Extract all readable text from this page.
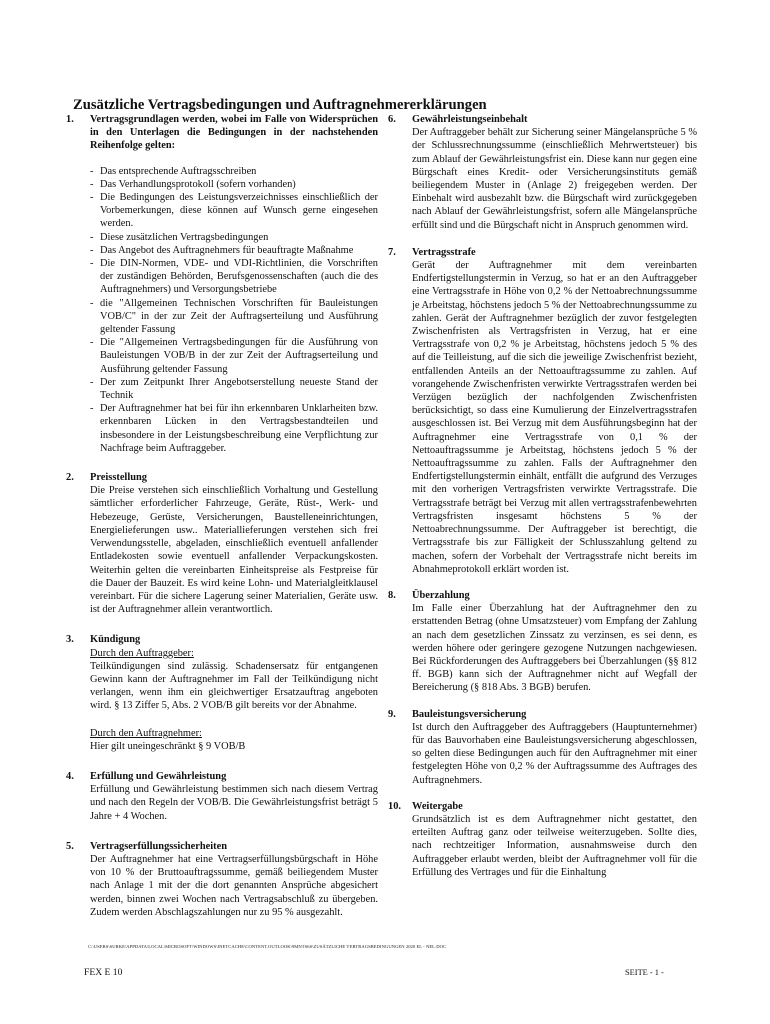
Zusätzliche Vertragsbedingungen und Auftragnehmererklärungen
1. Vertragsgrundlagen werden, wobei im Falle von Widersprüchen in den Unterlagen die Bedingungen in der nachstehenden Reihenfolge gelten:
- Das entsprechende Auftragsschreiben
- Das Verhandlungsprotokoll (sofern vorhanden)
- Die Bedingungen des Leistungsverzeichnisses einschließlich der Vorbemerkungen, diese können auf Wunsch gerne eingesehen werden.
- Diese zusätzlichen Vertragsbedingungen
- Das Angebot des Auftragnehmers für beauftragte Maßnahme
- Die DIN-Normen, VDE- und VDI-Richtlinien, die Vorschriften der zuständigen Behörden, Berufsgenossenschaften (auch die des Auftragnehmers) und Versorgungsbetriebe
- die "Allgemeinen Technischen Vorschriften für Bauleistungen VOB/C" in der zur Zeit der Auftragserteilung und Ausführung geltender Fassung
- Die "Allgemeinen Vertragsbedingungen für die Ausführung von Bauleistungen VOB/B in der zur Zeit der Auftragserteilung und Ausführung geltender Fassung
- Der zum Zeitpunkt Ihrer Angebotserstellung neueste Stand der Technik
- Der Auftragnehmer hat bei für ihn erkennbaren Unklarheiten bzw. erkennbaren Lücken in den Vertragsbestandteilen und insbesondere in der Leistungsbeschreibung eine Verpflichtung zur Nachfrage beim Auftraggeber.
2. Preisstellung
Die Preise verstehen sich einschließlich Vorhaltung und Gestellung sämtlicher erforderlicher Fahrzeuge, Geräte, Rüst-, Werk- und Hebezeuge, Gerüste, Versicherungen, Baustelleneinrichtungen, Energielieferungen usw.. Materiallieferungen verstehen sich frei Verwendungsstelle, abgeladen, einschließlich eventuell anfallender Entladekosten sowie eventuell anfallender Verpackungskosten. Weiterhin gelten die vereinbarten Einheitspreise als Festpreise für die Dauer der Bauzeit. Es wird keine Lohn- und Materialgleitklausel vereinbart. Für die sichere Lagerung seiner Materialien, Geräte usw. ist der Auftragnehmer allein verantwortlich.
3. Kündigung
Durch den Auftraggeber:
Teilkündigungen sind zulässig. Schadensersatz für entgangenen Gewinn kann der Auftragnehmer im Fall der Teilkündigung nicht verlangen, wenn ihm ein gleichwertiger Ersatzauftrag angeboten wird. § 13 Ziffer 5, Abs. 2 VOB/B gilt bereits vor der Abnahme.
Durch den Auftragnehmer:
Hier gilt uneingeschränkt § 9 VOB/B
4. Erfüllung und Gewährleistung
Erfüllung und Gewährleistung bestimmen sich nach diesem Vertrag und nach den Regeln der VOB/B. Die Gewährleistungsfrist beträgt 5 Jahre + 4 Wochen.
5. Vertragserfüllungssicherheiten
Der Auftragnehmer hat eine Vertragserfüllungsbürgschaft in Höhe von 10 % der Bruttoauftragssumme, gemäß beiliegendem Muster nach Anlage 1 mit der die dort genannten Ansprüche abgesichert werden, binnen zwei Wochen nach Vertragsabschluß zu übergeben. Zudem werden Abschlagszahlungen nur zu 95 % ausgezahlt.
6. Gewährleistungseinbehalt
Der Auftraggeber behält zur Sicherung seiner Mängelansprüche 5 % der Schlussrechnungssumme (einschließlich Mehrwertsteuer) bis zum Ablauf der Gewährleistungsfrist ein. Diese kann nur gegen eine Bürgschaft eines Kredit- oder Versicherungsinstituts gemäß beiliegendem Muster in (Anlage 2) freigegeben werden. Der Einbehalt wird ausbezahlt bzw. die Bürgschaft wird zurückgegeben nach Ablauf der Gewährleistungsfrist, sofern alle Mängelansprüche erfüllt sind und die Bürgschaft nicht in Anspruch genommen wird.
7. Vertragsstrafe
Gerät der Auftragnehmer mit dem vereinbarten Endfertigstellungstermin in Verzug, so hat er an den Auftraggeber eine Vertragsstrafe in Höhe von 0,2 % der Nettoabrechnungssumme je Arbeitstag, höchstens jedoch 5 % der Nettoabrechnungssumme zu zahlen. Gerät der Auftragnehmer bezüglich der zuvor festgelegten Zwischenfristen als Vertragsfristen in Verzug, hat er eine Vertragsstrafe von 0,2 % je Arbeitstag, höchstens jedoch 5 % des auf die Teilleistung, auf die sich die jeweilige Zwischenfrist bezieht, entfallenden Anteils an der Nettoauftragssumme zu zahlen. Auf vorangehende Zwischenfristen verwirkte Vertragsstrafen werden bei Verzügen bezüglich der nachfolgenden Zwischenfristen berücksichtigt, so dass eine Kumulierung der Einzelvertragsstrafen ausgeschlossen ist. Bei Verzug mit dem Ausführungsbeginn hat der Auftragnehmer eine Vertragsstrafe von 0,1 % der Nettoauftragssumme je Arbeitstag, höchstens jedoch 5 % der Nettoauftragssumme zu zahlen. Falls der Auftragnehmer den Endfertigstellungstermin einhält, entfällt die aufgrund des Verzuges mit den vorherigen Vertragsfristen verwirkte Vertragsstrafe. Die Vertragsstrafe beträgt bei Verzug mit allen vertragsstrafenbewehrten Vertragsfristen insgesamt höchstens 5 % der Nettoabrechnungssumme. Der Auftraggeber ist berechtigt, die Vertragsstrafe bis zur Fälligkeit der Schlusszahlung geltend zu machen, sofern der Vorbehalt der Vertragsstrafe nicht bereits im Abnahmeprotokoll erklärt worden ist.
8. Überzahlung
Im Falle einer Überzahlung hat der Auftragnehmer den zu erstattenden Betrag (ohne Umsatzsteuer) vom Empfang der Zahlung an nach dem gesetzlichen Zinssatz zu verzinsen, es sei denn, es werden höhere oder geringere gezogene Nutzungen nachgewiesen. Bei Rückforderungen des Auftraggebers bei Überzahlungen (§§ 812 ff. BGB) kann sich der Auftragnehmer nicht auf Wegfall der Bereicherung (§ 818 Abs. 3 BGB) berufen.
9. Bauleistungsversicherung
Ist durch den Auftraggeber des Auftraggebers (Hauptunternehmer) für das Bauvorhaben eine Bauleistungsversicherung abgeschlossen, so gelten diese Bedingungen auch für den Auftragnehmer mit einer festgelegten Höhe von 0,2 % der Auftragssumme des Auftrages des Auftragnehmers.
10. Weitergabe
Grundsätzlich ist es dem Auftragnehmer nicht gestattet, den erteilten Auftrag ganz oder teilweise weiterzugeben. Sollte dies, nach rechtzeitiger Information, ausnahmsweise durch den Auftraggeber erlaubt werden, bleibt der Auftragnehmer voll für die Erfüllung des Vertrages und für die Einhaltung
C:\USERS\SURKE\APPDATA\LOCAL\MICROSOFT\WINDOWS\INETCACHE\CONTENT.OUTLOOK\9MNTS6S\ZUSÄTZLICHE VERTRAGSBEDINGUNGEN 2020 EL - NEL.DOC
FEX E 10	SEITE - 1 -
